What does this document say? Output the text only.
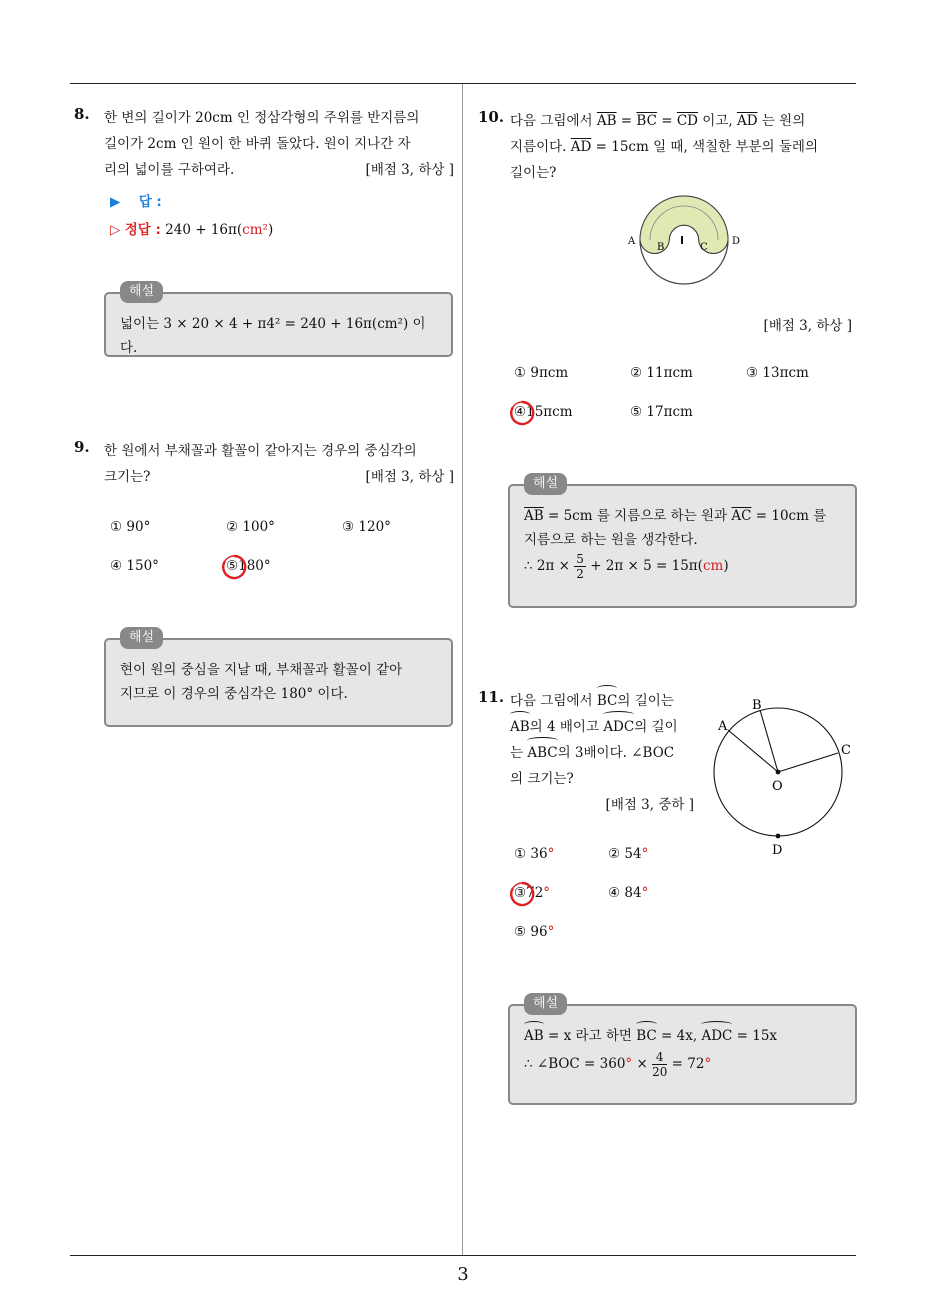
3
8. 한 변의 길이가 20cm 인 정삼각형의 주위를 반지름의
길이가 2cm 인 원이 한 바퀴 돌았다. 원이 지나간 자
리의 넓이를 구하여라.	[배점 3, 하상 ]
▶ 답 :
▷ 정답 : 240 + 16π(cm²)
해설
넓이는 3 × 20 × 4 + π4² = 240 + 16π(cm²) 이다.
9. 한 원에서 부채꼴과 활꼴이 같아지는 경우의 중심각의
크기는?	[배점 3, 하상 ]
① 90°	② 100°	③ 120°
④ 150°	⑤180°
해설
현이 원의 중심을 지날 때, 부채꼴과 활꼴이 같아
지므로 이 경우의 중심각은 180° 이다.
10. 다음 그림에서 $\overline{AB} = \overline{BC} = \overline{CD}$ 이고, $\overline{AD}$ 는 원의
지름이다. $\overline{AD} = 15cm$ 일 때, 색칠한 부분의 둘레의
길이는?
A
B	C
D
[배점 3, 하상 ]
① 9πcm	② 11πcm	③ 13πcm
④15πcm	⑤ 17πcm
해설
$\overline{AB} = 5cm$ 를 지름으로 하는 원과 $\overline{AC} = 10cm$ 를
지름으로 하는 원을 생각한다.
∴ $2\pi \times \frac{5}{2} + 2\pi \times 5 = 15\pi(cm)$
11. 다음 그림에서 BC의 길이는
AB의 4 배이고 ADC의 길이
는 ABC의 3배이다. ∠BOC
의 크기는?
[배점 3, 중하 ]
A
B
C
O
D
① 36°	② 54°
③72°	④ 84°
⑤ 96°
해설
AB = x 라고 하면 BC = 4x, ADC = 15x
∴ ∠BOC = $360^\circ \times \frac{4}{20} = 72^\circ$
